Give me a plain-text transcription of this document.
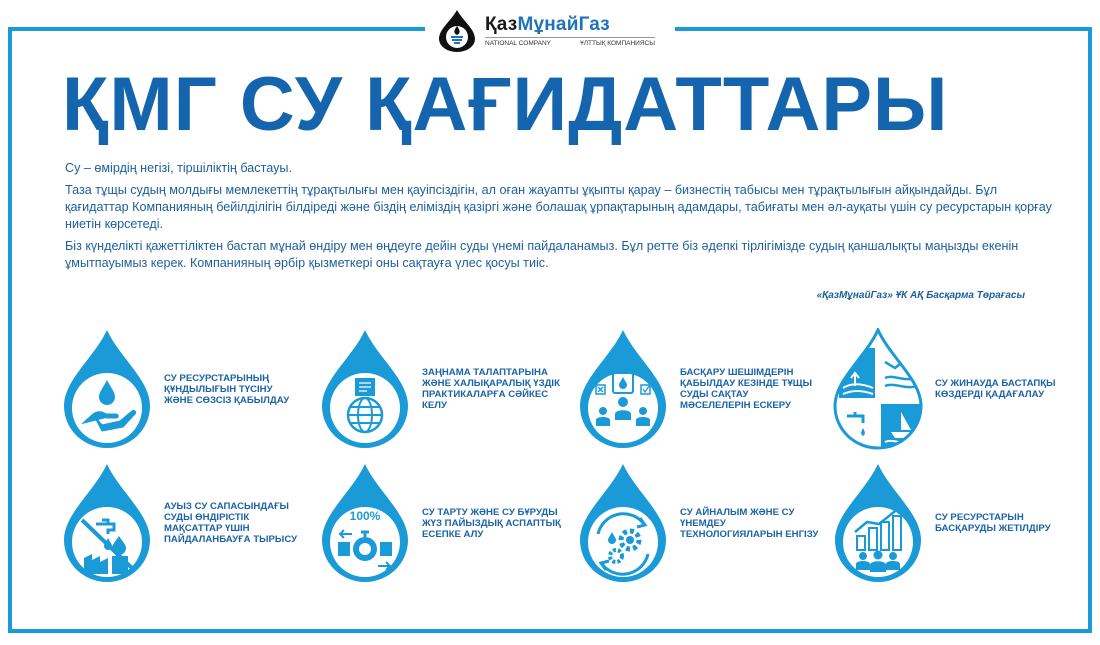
ҚазМұнайГаз
NATIONAL COMPANY	ҰЛТТЫҚ КОМПАНИЯСЫ
ҚМГ СУ ҚАҒИДАТТАРЫ

Су – өмірдің негізі, тіршіліктің бастауы.

Таза тұщы судың молдығы мемлекеттің тұрақтылығы мен қауіпсіздігін, ал оған жауапты ұқыпты қарау – бизнестің табысы мен тұрақтылығын айқындайды. Бұл қағидаттар Компанияның бейілділігін білдіреді және біздің еліміздің қазіргі және болашақ ұрпақтарының адамдары, табиғаты мен әл-ауқаты үшін су ресурстарын қорғау ниетін көрсетеді.

Біз күнделікті қажеттіліктен бастап мұнай өндіру мен өңдеуге дейін суды үнемі пайдаланамыз. Бұл ретте біз әдепкі тірлігімізде судың қаншалықты маңызды екенін ұмытпауымыз керек. Компанияның әрбір қызметкері оны сақтауға үлес қосуы тиіс.

«ҚазМұнайГаз» ҰК АҚ Басқарма Төрағасы
СУ РЕСУРСТАРЫНЫҢ ҚҰНДЫЛЫҒЫН ТҮСІНУ ЖӘНЕ СӨЗСІЗ ҚАБЫЛДАУ
ЗАҢНАМА ТАЛАПТАРЫНА ЖӘНЕ ХАЛЫҚАРАЛЫҚ ҮЗДІК ПРАКТИКАЛАРҒА СӘЙКЕС КЕЛУ
БАСҚАРУ ШЕШІМДЕРІН ҚАБЫЛДАУ КЕЗІНДЕ ТҰЩЫ СУДЫ САҚТАУ МӘСЕЛЕЛЕРІН ЕСКЕРУ
СУ ЖИНАУДА БАСТАПҚЫ КӨЗДЕРДІ ҚАДАҒАЛАУ
АУЫЗ СУ САПАСЫНДАҒЫ СУДЫ ӨНДІРІСТІК МАҚСАТТАР ҮШІН ПАЙДАЛАНБАУҒА ТЫРЫСУ
100%	СУ ТАРТУ ЖӘНЕ СУ БҰРУДЫ ЖҮЗ ПАЙЫЗДЫҚ АСПАПТЫҚ ЕСЕПКЕ АЛУ
СУ АЙНАЛЫМ ЖӘНЕ СУ ҮНЕМДЕУ ТЕХНОЛОГИЯЛАРЫН ЕНГІЗУ
СУ РЕСУРСТАРЫН БАСҚАРУДЫ ЖЕТІЛДІРУ
